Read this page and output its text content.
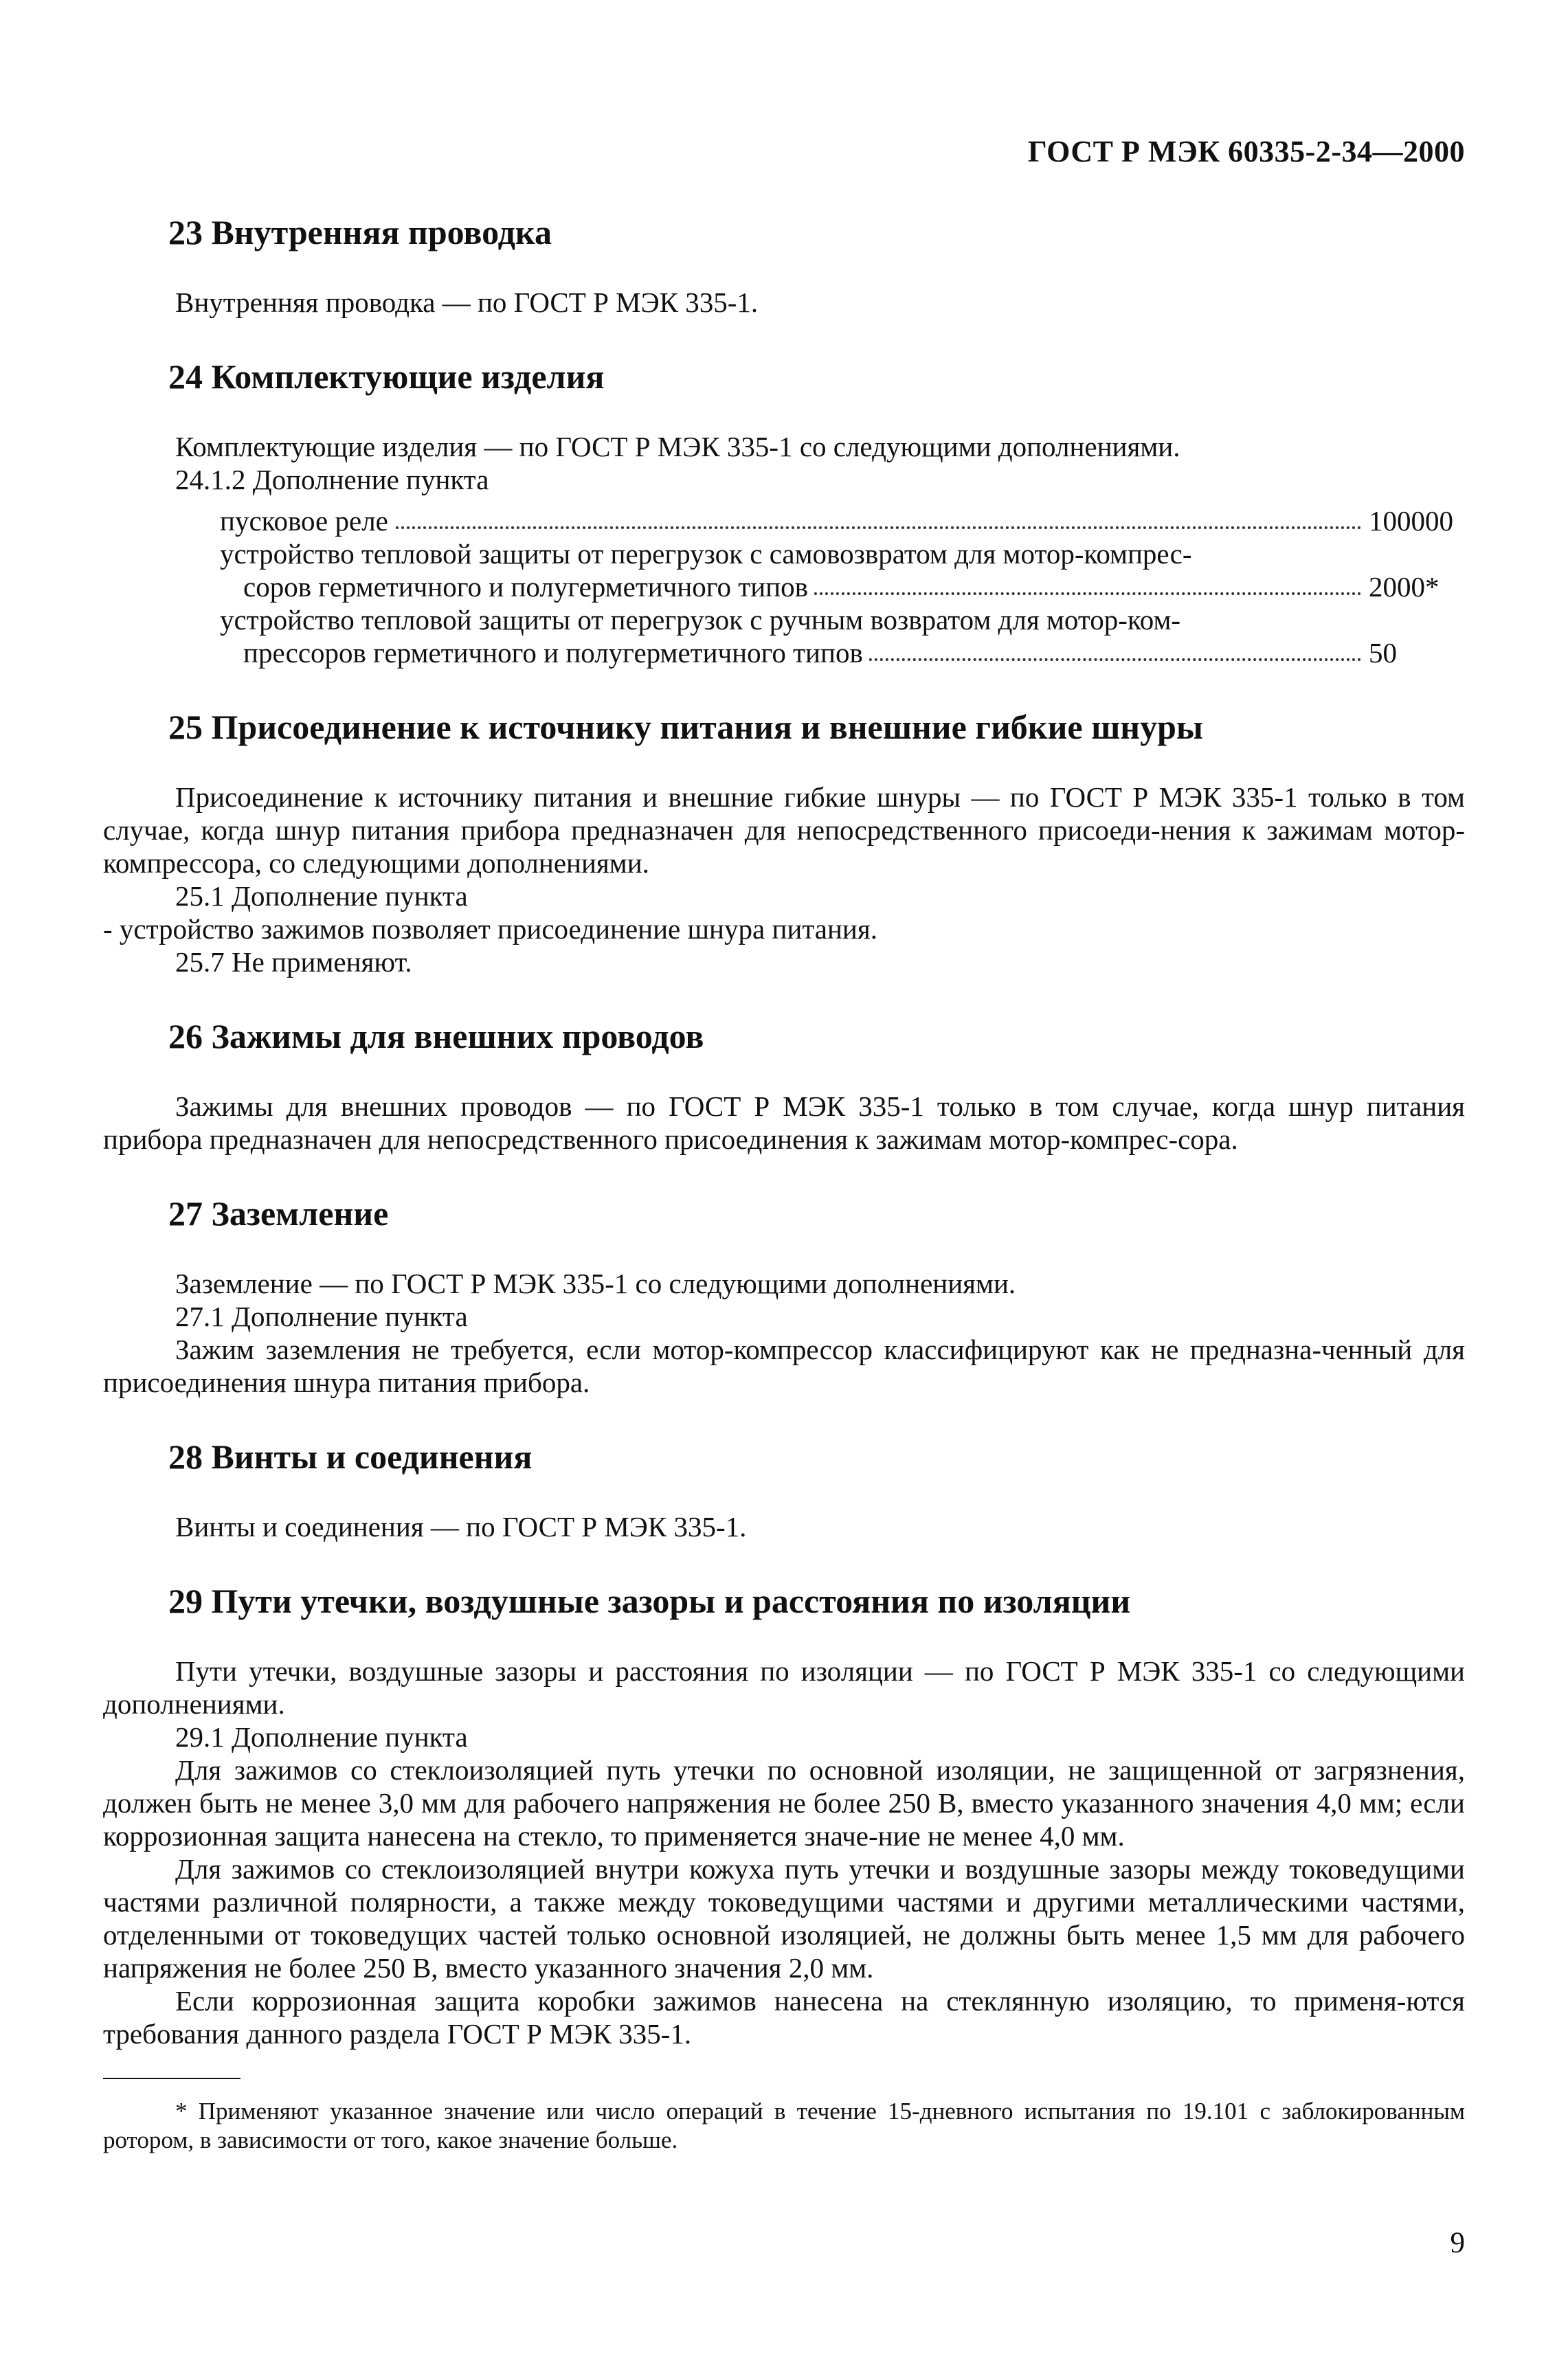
ГОСТ Р МЭК 60335-2-34—2000
23 Внутренняя проводка

Внутренняя проводка — по ГОСТ Р МЭК 335-1.

24 Комплектующие изделия

Комплектующие изделия — по ГОСТ Р МЭК 335-1 со следующими дополнениями.

24.1.2 Дополнение пункта

пусковое реле	100000
устройство тепловой защиты от перегрузок с самовозвратом для мотор-компрес-
соров герметичного и полугерметичного типов	2000*
устройство тепловой защиты от перегрузок с ручным возвратом для мотор-ком-
прессоров герметичного и полугерметичного типов	50
25 Присоединение к источнику питания и внешние гибкие шнуры

Присоединение к источнику питания и внешние гибкие шнуры — по ГОСТ Р МЭК 335-1 только в том случае, когда шнур питания прибора предназначен для непосредственного присоеди-нения к зажимам мотор-компрессора, со следующими дополнениями.

25.1 Дополнение пункта

- устройство зажимов позволяет присоединение шнура питания.

25.7 Не применяют.

26 Зажимы для внешних проводов

Зажимы для внешних проводов — по ГОСТ Р МЭК 335-1 только в том случае, когда шнур питания прибора предназначен для непосредственного присоединения к зажимам мотор-компрес-сора.

27 Заземление

Заземление — по ГОСТ Р МЭК 335-1 со следующими дополнениями.

27.1 Дополнение пункта

Зажим заземления не требуется, если мотор-компрессор классифицируют как не предназна-ченный для присоединения шнура питания прибора.

28 Винты и соединения

Винты и соединения — по ГОСТ Р МЭК 335-1.

29 Пути утечки, воздушные зазоры и расстояния по изоляции

Пути утечки, воздушные зазоры и расстояния по изоляции — по ГОСТ Р МЭК 335-1 со следующими дополнениями.

29.1 Дополнение пункта

Для зажимов со стеклоизоляцией путь утечки по основной изоляции, не защищенной от загрязнения, должен быть не менее 3,0 мм для рабочего напряжения не более 250 В, вместо указанного значения 4,0 мм; если коррозионная защита нанесена на стекло, то применяется значе-ние не менее 4,0 мм.

Для зажимов со стеклоизоляцией внутри кожуха путь утечки и воздушные зазоры между токоведущими частями различной полярности, а также между токоведущими частями и другими металлическими частями, отделенными от токоведущих частей только основной изоляцией, не должны быть менее 1,5 мм для рабочего напряжения не более 250 В, вместо указанного значения 2,0 мм.

Если коррозионная защита коробки зажимов нанесена на стеклянную изоляцию, то применя-ются требования данного раздела ГОСТ Р МЭК 335-1.

* Применяют указанное значение или число операций в течение 15-дневного испытания по 19.101 с заблокированным ротором, в зависимости от того, какое значение больше.

9
